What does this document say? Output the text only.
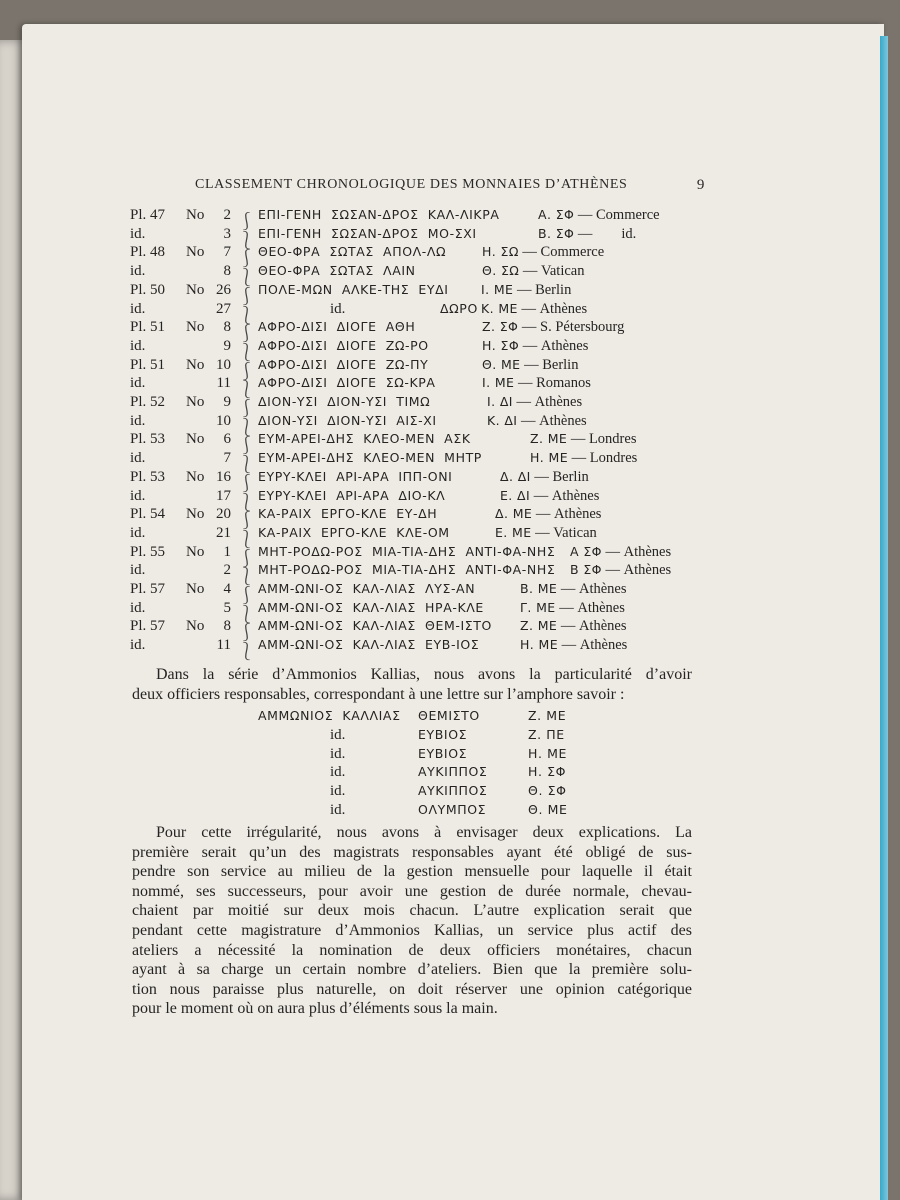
CLASSEMENT CHRONOLOGIQUE DES MONNAIES D’ATHÈNES	9
Pl. 47 No	2 ⎰ ΕΠΙ-ΓΕΝΗ  ΣΩΣΑΝ-ΔΡΟΣ  ΚΑΛ-ΛΙΚΡΑ	Α. ΣΦ — Commerce
id.	3 ⎱ ΕΠΙ-ΓΕΝΗ  ΣΩΣΑΝ-ΔΡΟΣ  ΜΟ-ΣΧΙ	Β. ΣΦ —        id.
Pl. 48 No	7 ⎰ ΘΕΟ-ΦΡΑ  ΣΩΤΑΣ  ΑΠΟΛ-ΛΩ	Η. ΣΩ — Commerce
id.	8 ⎱ ΘΕΟ-ΦΡΑ  ΣΩΤΑΣ  ΛΑΙΝ	Θ. ΣΩ — Vatican
Pl. 50 No 26 ⎰ ΠΟΛΕ-ΜΩΝ  ΑΛΚΕ-ΤΗΣ  ΕΥΔΙ	Ι. ΜΕ — Berlin
id.	27 ⎱	id.	ΔΩΡΟ Κ. ΜΕ — Athènes
Pl. 51 No	8 ⎰ ΑΦΡΟ-ΔΙΣΙ  ΔΙΟΓΕ  ΑΘΗ	Ζ. ΣΦ — S. Pétersbourg
id.	9 ⎱ ΑΦΡΟ-ΔΙΣΙ  ΔΙΟΓΕ  ΖΩ-ΡΟ	Η. ΣΦ — Athènes
Pl. 51 No 10 ⎰ ΑΦΡΟ-ΔΙΣΙ  ΔΙΟΓΕ  ΖΩ-ΠΥ	Θ. ΜΕ — Berlin
id.	11 ⎱ ΑΦΡΟ-ΔΙΣΙ  ΔΙΟΓΕ  ΣΩ-ΚΡΑ	Ι. ΜΕ — Romanos
Pl. 52 No	9 ⎰ ΔΙΟΝ-ΥΣΙ  ΔΙΟΝ-ΥΣΙ  ΤΙΜΩ	Ι. ΔΙ — Athènes
id.	10 ⎱ ΔΙΟΝ-ΥΣΙ  ΔΙΟΝ-ΥΣΙ  ΑΙΣ-ΧΙ	Κ. ΔΙ — Athènes
Pl. 53 No	6 ⎰ ΕΥΜ-ΑΡΕΙ-ΔΗΣ  ΚΛΕΟ-ΜΕΝ  ΑΣΚ	Ζ. ΜΕ — Londres
id.	7 ⎱ ΕΥΜ-ΑΡΕΙ-ΔΗΣ  ΚΛΕΟ-ΜΕΝ  ΜΗΤΡ	Η. ΜΕ — Londres
Pl. 53 No 16 ⎰ ΕΥΡΥ-ΚΛΕΙ  ΑΡΙ-ΑΡΑ  ΙΠΠ-ΟΝΙ	Δ. ΔΙ — Berlin
id.	17 ⎱ ΕΥΡΥ-ΚΛΕΙ  ΑΡΙ-ΑΡΑ  ΔΙΟ-ΚΛ	Ε. ΔΙ — Athènes
Pl. 54 No 20 ⎰ ΚΑ-ΡΑΙΧ  ΕΡΓΟ-ΚΛΕ  ΕΥ-ΔΗ	Δ. ΜΕ — Athènes
id.	21 ⎱ ΚΑ-ΡΑΙΧ  ΕΡΓΟ-ΚΛΕ  ΚΛΕ-ΟΜ	Ε. ΜΕ — Vatican
Pl. 55 No	1 ⎰ ΜΗΤ-ΡΟΔΩ-ΡΟΣ  ΜΙΑ-ΤΙΑ-ΔΗΣ  ΑΝΤΙ-ΦΑ-ΝΗΣ Α ΣΦ — Athènes
id.	2 ⎱ ΜΗΤ-ΡΟΔΩ-ΡΟΣ  ΜΙΑ-ΤΙΑ-ΔΗΣ  ΑΝΤΙ-ΦΑ-ΝΗΣ Β ΣΦ — Athènes
Pl. 57 No	4 ⎰ ΑΜΜ-ΩΝΙ-ΟΣ  ΚΑΛ-ΛΙΑΣ  ΛΥΣ-ΑΝ	Β. ΜΕ — Athènes
id.	5 ⎱ ΑΜΜ-ΩΝΙ-ΟΣ  ΚΑΛ-ΛΙΑΣ  ΗΡΑ-ΚΛΕ	Γ. ΜΕ — Athènes
Pl. 57 No	8 ⎰ ΑΜΜ-ΩΝΙ-ΟΣ  ΚΑΛ-ΛΙΑΣ  ΘΕΜ-ΙΣΤΟ Ζ. ΜΕ — Athènes
id.	11 ⎱ ΑΜΜ-ΩΝΙ-ΟΣ  ΚΑΛ-ΛΙΑΣ  ΕΥΒ-ΙΟΣ	Η. ΜΕ — Athènes
Dans la série d’Ammonios Kallias, nous avons la particularité d’avoir
deux officiers responsables, correspondant à une lettre sur l’amphore savoir :
ΑΜΜΩΝΙΟΣ  ΚΑΛΛΙΑΣ ΘΕΜΙΣΤΟ	Ζ. ΜΕ
id.	ΕΥΒΙΟΣ	Ζ. ΠΕ
id.	ΕΥΒΙΟΣ	Η. ΜΕ
id.	ΑΥΚΙΠΠΟΣ	Η. ΣΦ
id.	ΑΥΚΙΠΠΟΣ	Θ. ΣΦ
id.	ΟΛΥΜΠΟΣ	Θ. ΜΕ
Pour cette irrégularité, nous avons à envisager deux explications. La
première serait qu’un des magistrats responsables ayant été obligé de sus-
pendre son service au milieu de la gestion mensuelle pour laquelle il était
nommé, ses successeurs, pour avoir une gestion de durée normale, chevau-
chaient par moitié sur deux mois chacun. L’autre explication serait que
pendant cette magistrature d’Ammonios Kallias, un service plus actif des
ateliers a nécessité la nomination de deux officiers monétaires, chacun
ayant à sa charge un certain nombre d’ateliers. Bien que la première solu-
tion nous paraisse plus naturelle, on doit réserver une opinion catégorique
pour le moment où on aura plus d’éléments sous la main.
